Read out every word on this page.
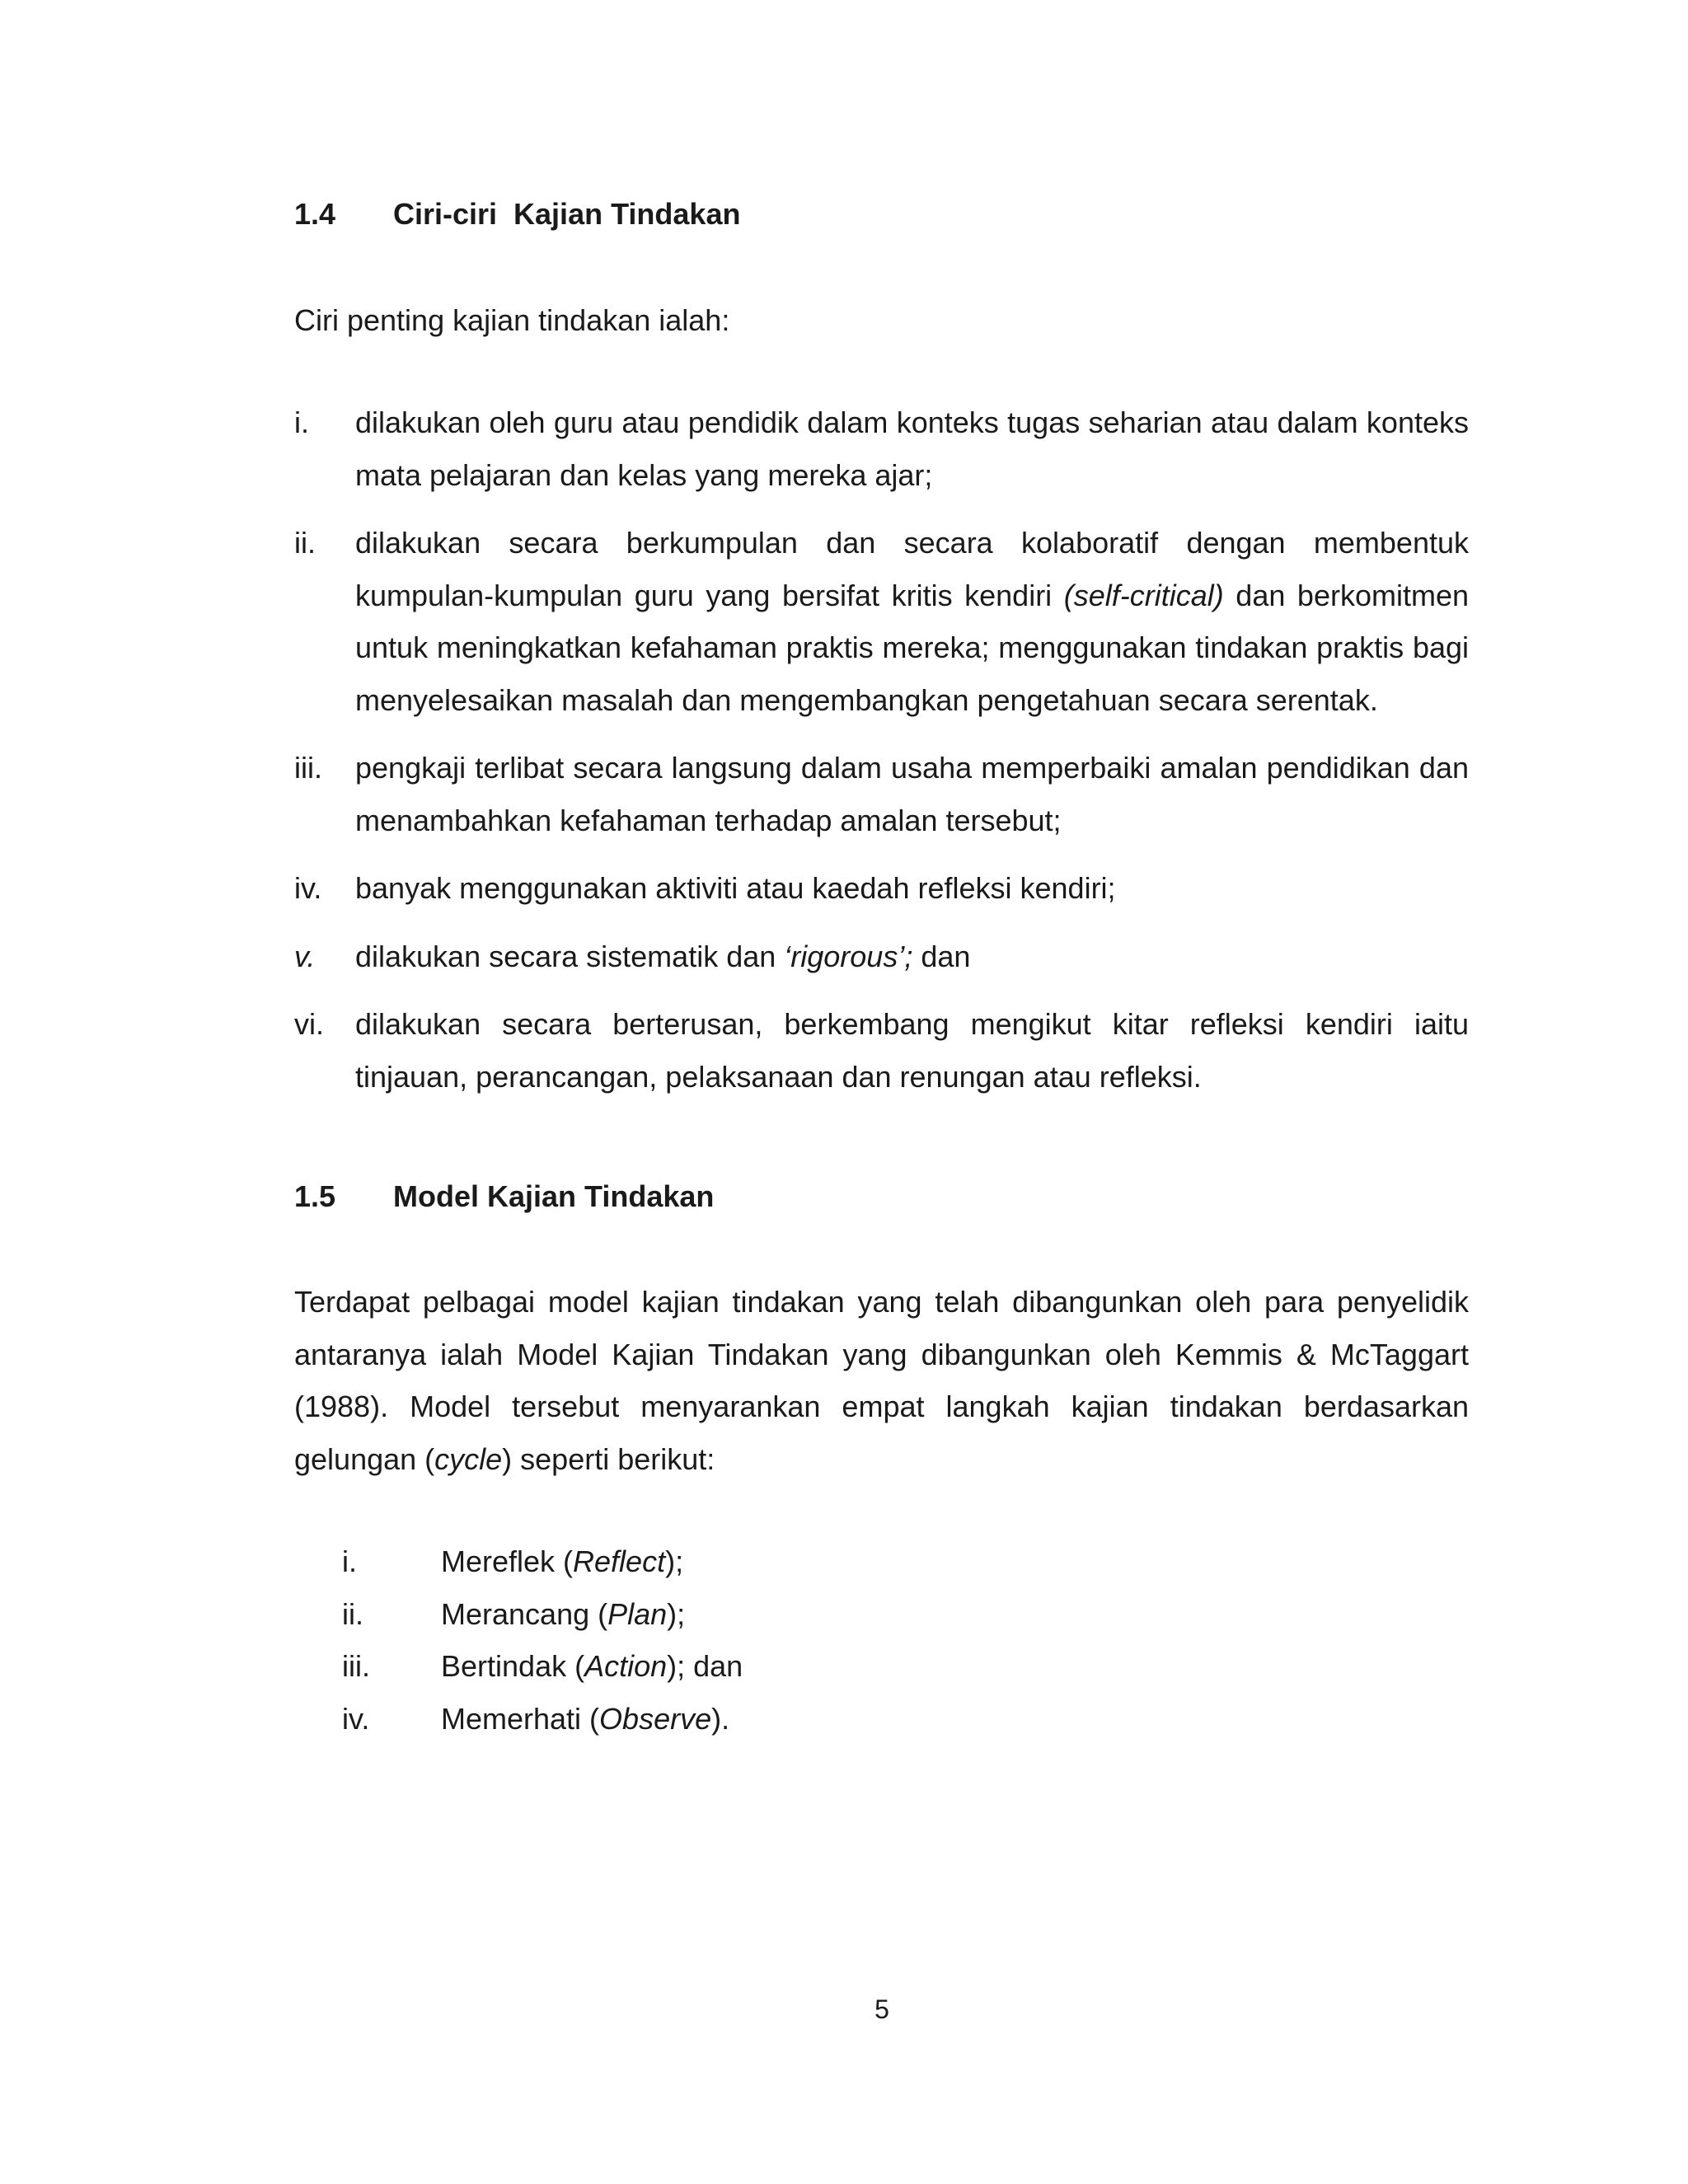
1.4 Ciri-ciri  Kajian Tindakan
Ciri penting kajian tindakan ialah:
i. dilakukan oleh guru atau pendidik dalam konteks tugas seharian atau dalam konteks mata pelajaran dan kelas yang mereka ajar;
ii. dilakukan secara berkumpulan dan secara kolaboratif dengan membentuk kumpulan-kumpulan guru yang bersifat kritis kendiri (self-critical) dan berkomitmen untuk meningkatkan kefahaman praktis mereka; menggunakan tindakan praktis bagi menyelesaikan masalah dan mengembangkan pengetahuan secara serentak.
iii. pengkaji terlibat secara langsung dalam usaha memperbaiki amalan pendidikan dan menambahkan kefahaman terhadap amalan tersebut;
iv. banyak menggunakan aktiviti atau kaedah refleksi kendiri;
v. dilakukan secara sistematik dan ‘rigorous’; dan
vi. dilakukan secara berterusan, berkembang mengikut kitar refleksi kendiri iaitu tinjauan, perancangan, pelaksanaan dan renungan atau refleksi.
1.5 Model Kajian Tindakan
Terdapat pelbagai model kajian tindakan yang telah dibangunkan oleh para penyelidik antaranya ialah Model Kajian Tindakan yang dibangunkan oleh Kemmis & McTaggart (1988). Model tersebut menyarankan empat langkah kajian tindakan berdasarkan gelungan (cycle) seperti berikut:
i.	Mereflek (Reflect);
ii.	Merancang (Plan);
iii. Bertindak (Action); dan
iv. Memerhati (Observe).
5
